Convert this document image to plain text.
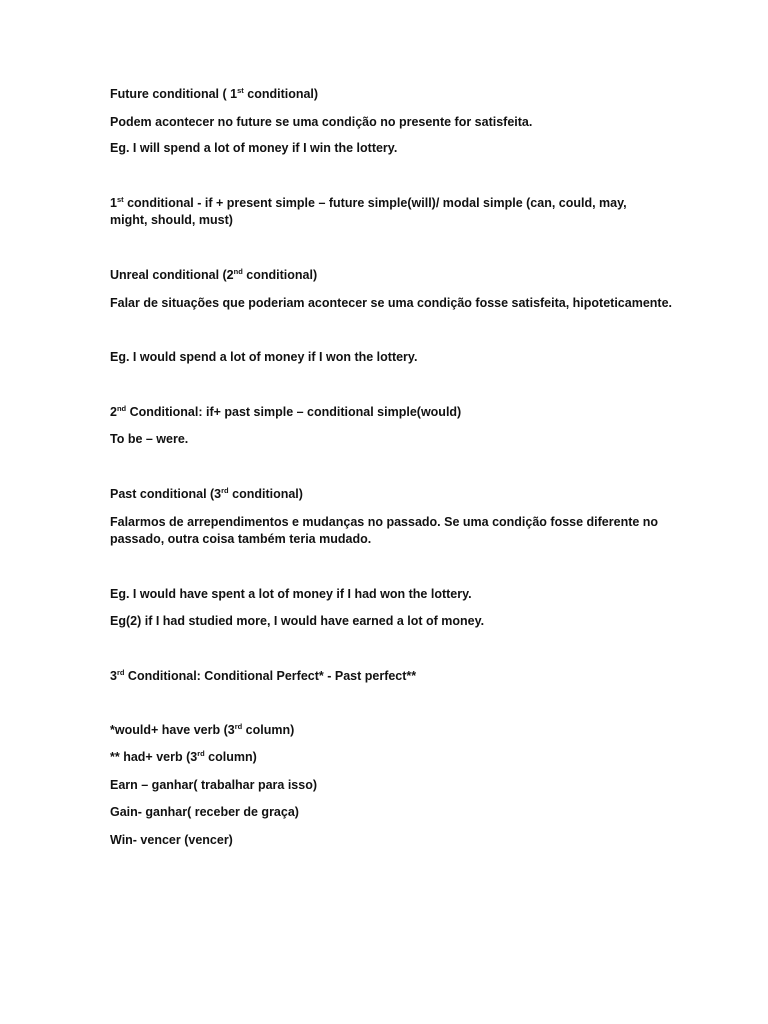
Future conditional ( 1st conditional)
Podem acontecer no future se uma condição no presente for satisfeita.
Eg. I will spend a lot of money if I win the lottery.
1st conditional - if + present simple – future simple(will)/ modal simple (can, could, may,
might, should, must)
Unreal conditional (2nd conditional)
Falar de situações que poderiam acontecer se uma condição fosse satisfeita, hipoteticamente.
Eg. I would spend a lot of money if I won the lottery.
2nd Conditional: if+ past simple – conditional simple(would)
To be – were.
Past conditional (3rd conditional)
Falarmos de arrependimentos e mudanças no passado. Se uma condição fosse diferente no
passado, outra coisa também teria mudado.
Eg. I would have spent a lot of money if I had won the lottery.
Eg(2) if I had studied more, I would have earned a lot of money.
3rd Conditional: Conditional Perfect* - Past perfect**
*would+ have verb (3rd column)
** had+ verb (3rd column)
Earn – ganhar( trabalhar para isso)
Gain- ganhar( receber de graça)
Win- vencer (vencer)
